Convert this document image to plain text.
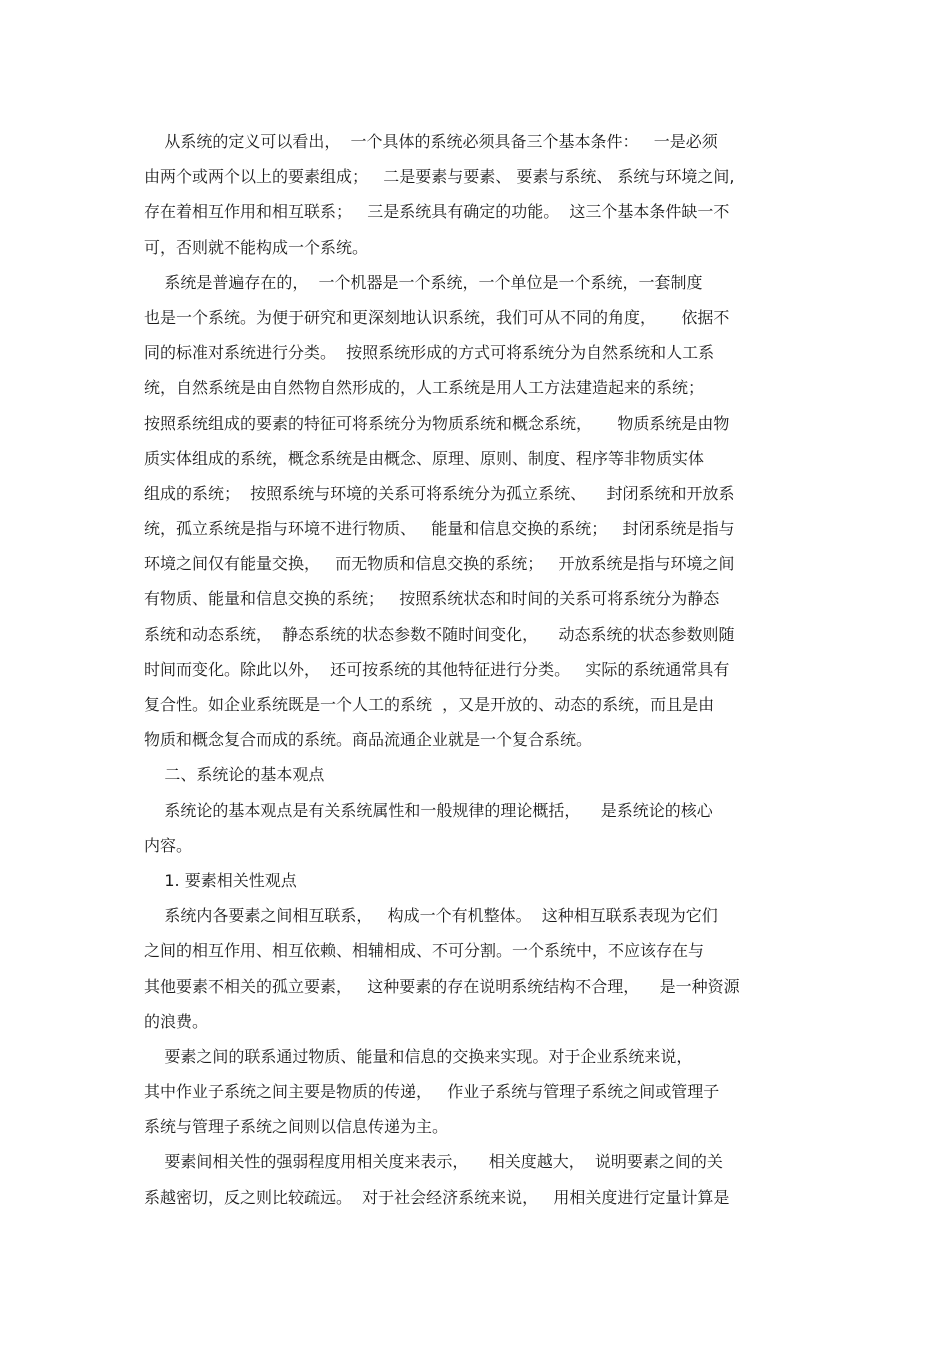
从系统的定义可以看出，  一个具体的系统必须具备三个基本条件：   一是必须
由两个或两个以上的要素组成；   二是要素与要素、 要素与系统、 系统与环境之间,
存在着相互作用和相互联系；   三是系统具有确定的功能。  这三个基本条件缺一不
可，否则就不能构成一个系统。
系统是普遍存在的，  一个机器是一个系统，一个单位是一个系统，一套制度
也是一个系统。为便于研究和更深刻地认识系统，我们可从不同的角度，     依据不
同的标准对系统进行分类。  按照系统形成的方式可将系统分为自然系统和人工系
统，自然系统是由自然物自然形成的，人工系统是用人工方法建造起来的系统；
按照系统组成的要素的特征可将系统分为物质系统和概念系统，     物质系统是由物
质实体组成的系统，概念系统是由概念、原理、原则、制度、程序等非物质实体
组成的系统；  按照系统与环境的关系可将系统分为孤立系统、    封闭系统和开放系
统，孤立系统是指与环境不进行物质、   能量和信息交换的系统；   封闭系统是指与
环境之间仅有能量交换，   而无物质和信息交换的系统；   开放系统是指与环境之间
有物质、能量和信息交换的系统；   按照系统状态和时间的关系可将系统分为静态
系统和动态系统，  静态系统的状态参数不随时间变化，    动态系统的状态参数则随
时间而变化。除此以外，  还可按系统的其他特征进行分类。   实际的系统通常具有
复合性。如企业系统既是一个人工的系统  ，又是开放的、动态的系统，而且是由
物质和概念复合而成的系统。商品流通企业就是一个复合系统。
二、系统论的基本观点
系统论的基本观点是有关系统属性和一般规律的理论概括，    是系统论的核心
内容。
1. 要素相关性观点
系统内各要素之间相互联系，   构成一个有机整体。  这种相互联系表现为它们
之间的相互作用、相互依赖、相辅相成、不可分割。一个系统中，不应该存在与
其他要素不相关的孤立要素，   这种要素的存在说明系统结构不合理，    是一种资源
的浪费。
要素之间的联系通过物质、能量和信息的交换来实现。对于企业系统来说，
其中作业子系统之间主要是物质的传递，   作业子系统与管理子系统之间或管理子
系统与管理子系统之间则以信息传递为主。
要素间相关性的强弱程度用相关度来表示，    相关度越大，  说明要素之间的关
系越密切，反之则比较疏远。  对于社会经济系统来说，   用相关度进行定量计算是
